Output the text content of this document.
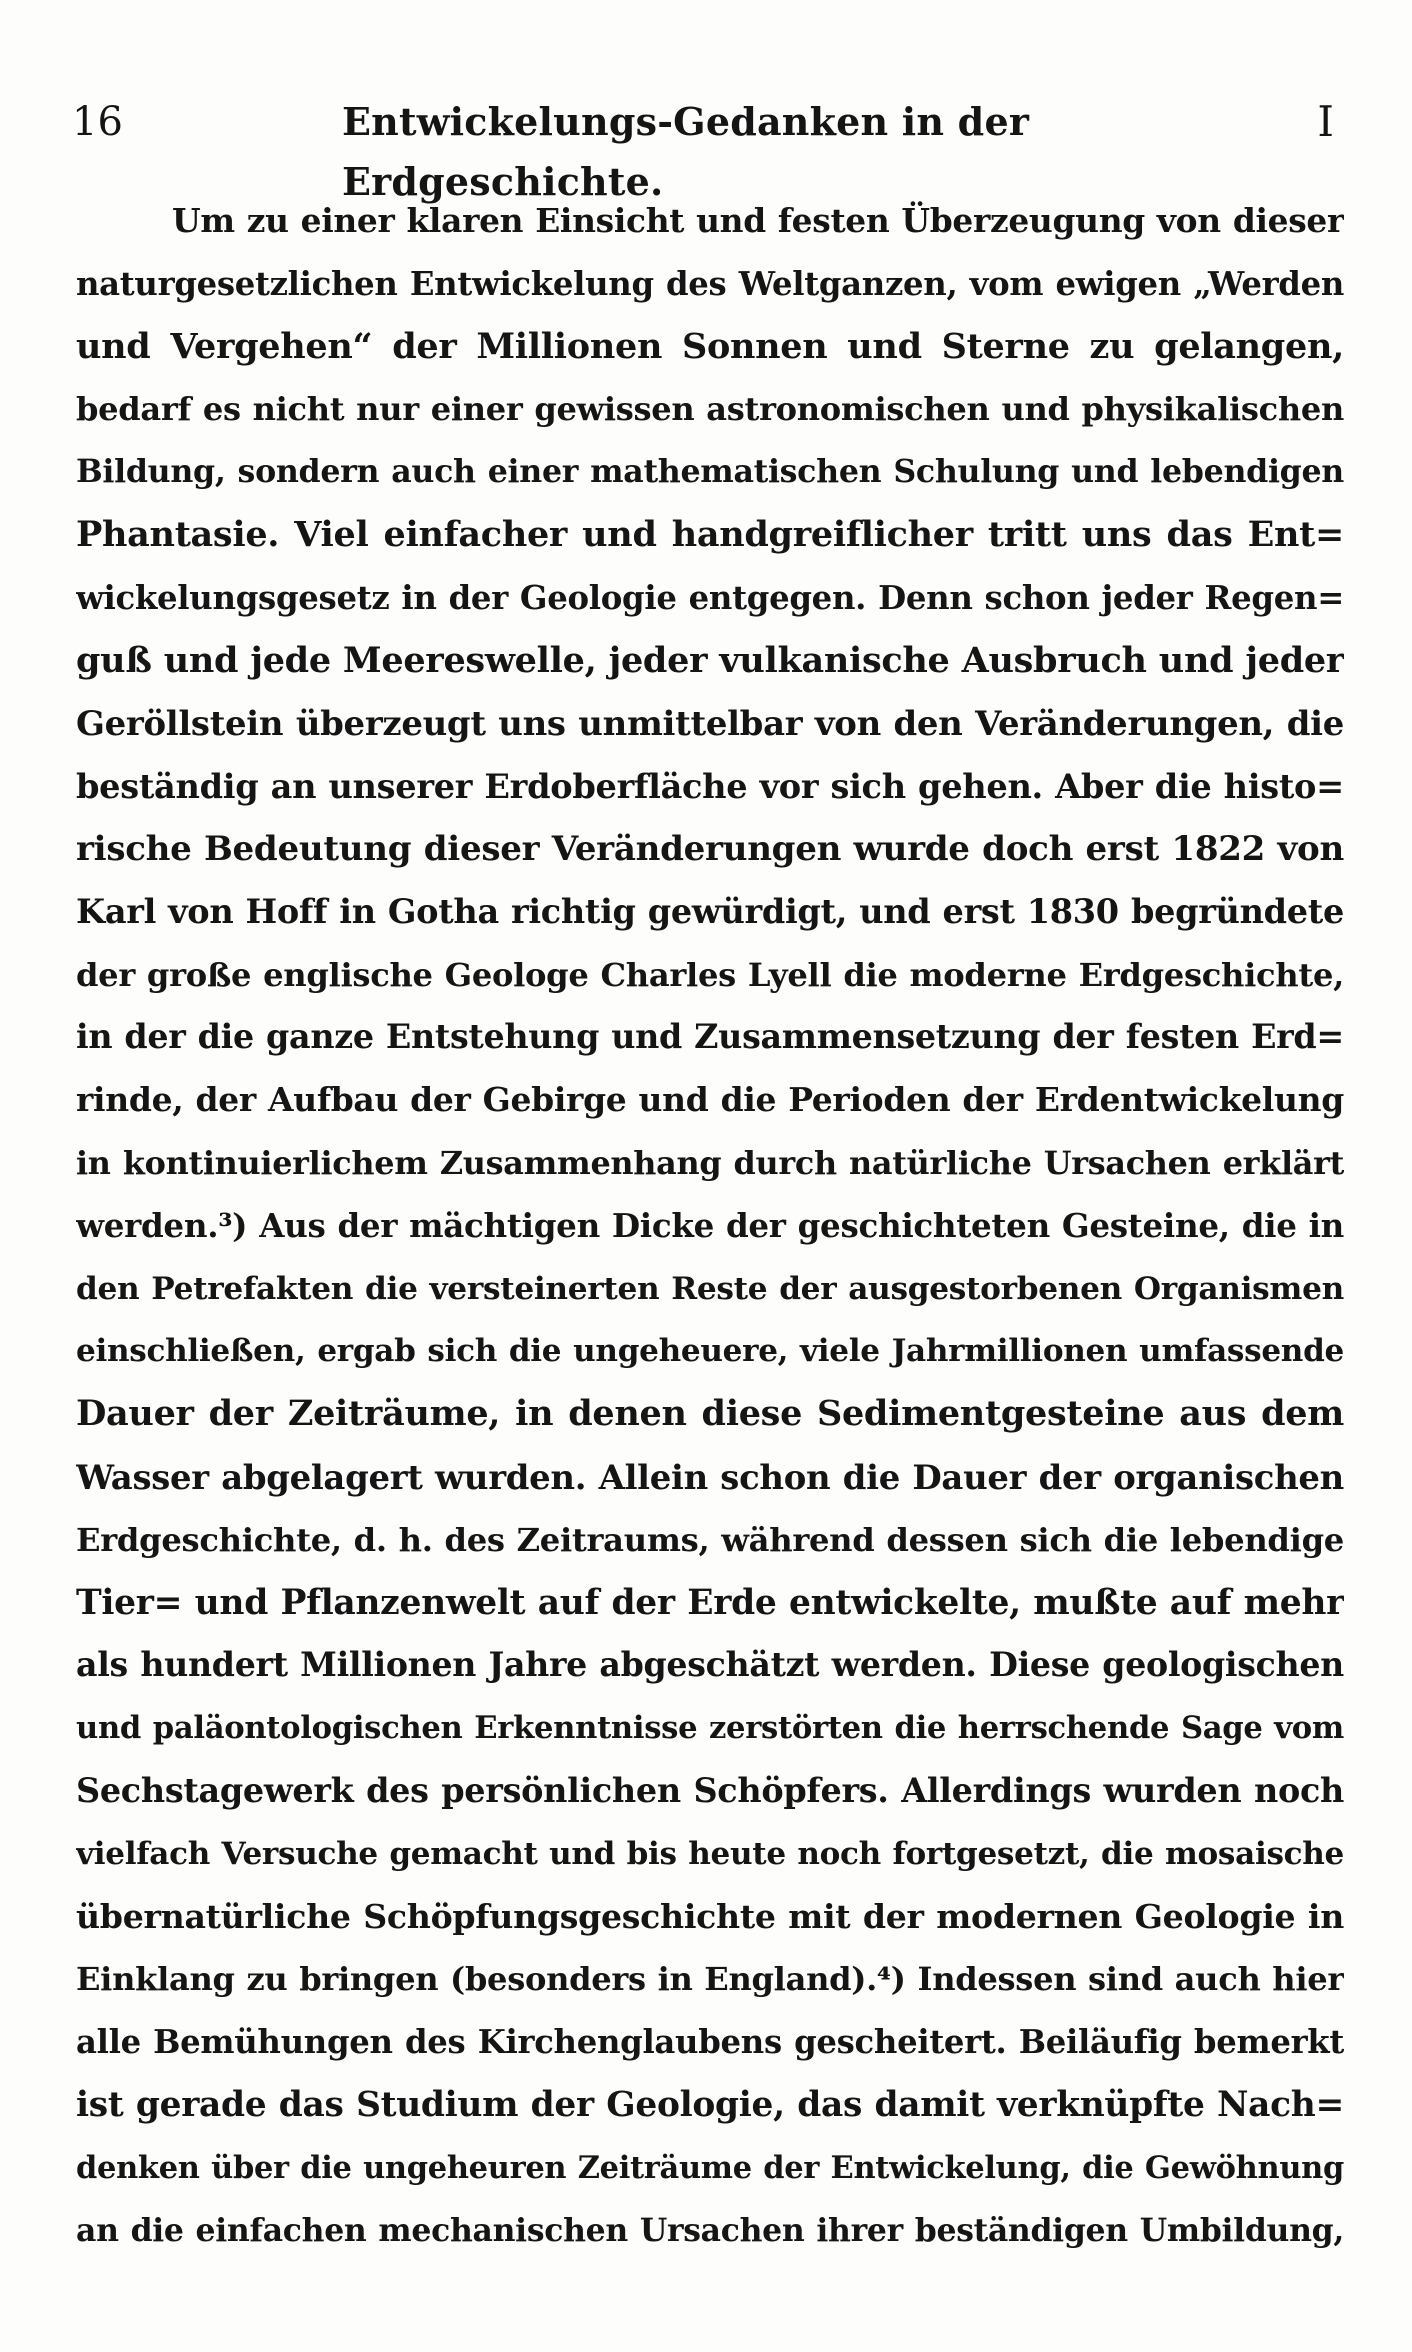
16	Entwickelungs-Gedanken in der Erdgeschichte.
I
Um zu einer klaren Einsicht und festen Überzeugung von dieser
naturgesetzlichen Entwickelung des Weltganzen, vom ewigen „Werden
und Vergehen“ der Millionen Sonnen und Sterne zu gelangen,
bedarf es nicht nur einer gewissen astronomischen und physikalischen
Bildung, sondern auch einer mathematischen Schulung und lebendigen
Phantasie. Viel einfacher und handgreiflicher tritt uns das Ent=
wickelungsgesetz in der Geologie entgegen. Denn schon jeder Regen=
guß und jede Meereswelle, jeder vulkanische Ausbruch und jeder
Geröllstein überzeugt uns unmittelbar von den Veränderungen, die
beständig an unserer Erdoberfläche vor sich gehen. Aber die histo=
rische Bedeutung dieser Veränderungen wurde doch erst 1822 von
Karl von Hoff in Gotha richtig gewürdigt, und erst 1830 begründete
der große englische Geologe Charles Lyell die moderne Erdgeschichte,
in der die ganze Entstehung und Zusammensetzung der festen Erd=
rinde, der Aufbau der Gebirge und die Perioden der Erdentwickelung
in kontinuierlichem Zusammenhang durch natürliche Ursachen erklärt
werden.³) Aus der mächtigen Dicke der geschichteten Gesteine, die in
den Petrefakten die versteinerten Reste der ausgestorbenen Organismen
einschließen, ergab sich die ungeheuere, viele Jahrmillionen umfassende
Dauer der Zeiträume, in denen diese Sedimentgesteine aus dem
Wasser abgelagert wurden. Allein schon die Dauer der organischen
Erdgeschichte, d. h. des Zeitraums, während dessen sich die lebendige
Tier= und Pflanzenwelt auf der Erde entwickelte, mußte auf mehr
als hundert Millionen Jahre abgeschätzt werden. Diese geologischen
und paläontologischen Erkenntnisse zerstörten die herrschende Sage vom
Sechstagewerk des persönlichen Schöpfers. Allerdings wurden noch
vielfach Versuche gemacht und bis heute noch fortgesetzt, die mosaische
übernatürliche Schöpfungsgeschichte mit der modernen Geologie in
Einklang zu bringen (besonders in England).⁴) Indessen sind auch hier
alle Bemühungen des Kirchenglaubens gescheitert. Beiläufig bemerkt
ist gerade das Studium der Geologie, das damit verknüpfte Nach=
denken über die ungeheuren Zeiträume der Entwickelung, die Gewöhnung
an die einfachen mechanischen Ursachen ihrer beständigen Umbildung,
